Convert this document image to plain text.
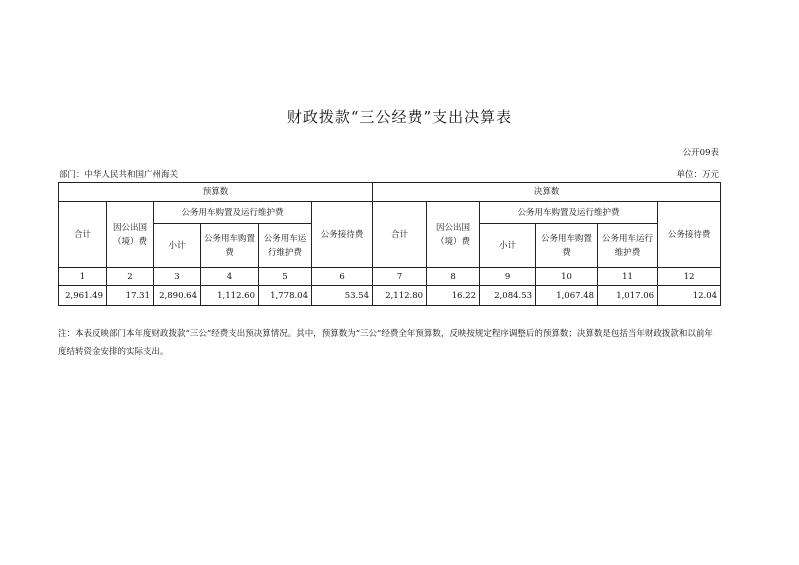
财政拨款“三公经费”支出决算表
公开09表
部门：中华人民共和国广州海关	单位：万元
预算数						决算数					
合计	因公出国（境）费	公务用车购置及运行维护费			公务接待费	合计	因公出国（境）费	公务用车购置及运行维护费			公务接待费
		小计	公务用车购置费	公务用车运行维护费				小计	公务用车购置费	公务用车运行维护费	
1	2	3	4	5	6	7	8	9	10	11	12
2,961.49	17.31	2,890.64	1,112.60	1,778.04	53.54	2,112.80	16.22	2,084.53	1,067.48	1,017.06	12.04
注：本表反映部门本年度财政拨款“三公”经费支出预决算情况。其中，预算数为“三公”经费全年预算数，反映按规定程序调整后的预算数；决算数是包括当年财政拨款和以前年度结转资金安排的实际支出。
